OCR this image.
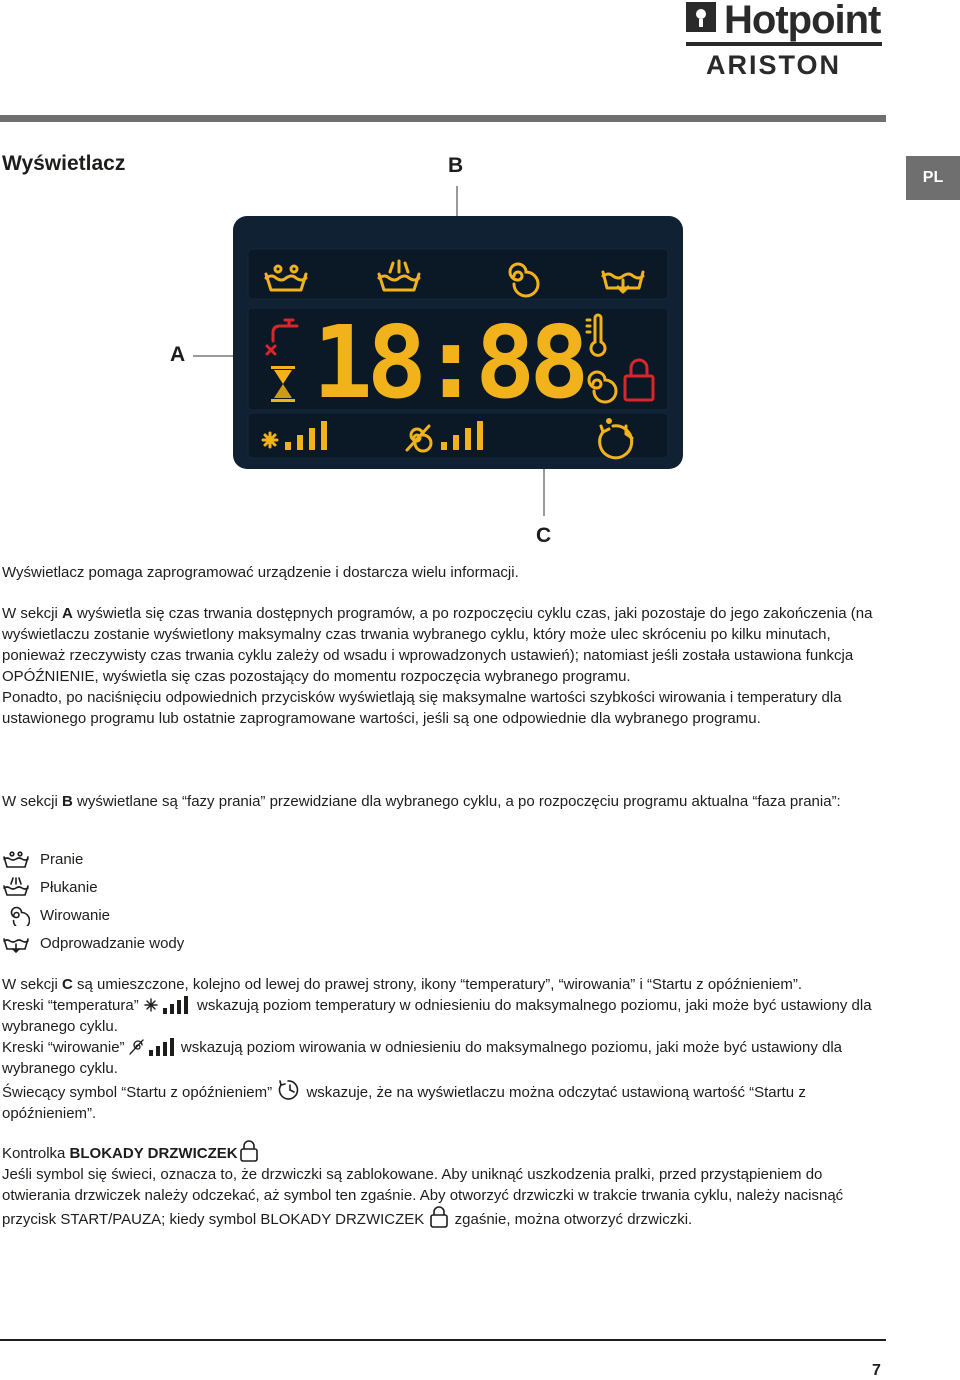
Hotpoint
ARISTON
Wyświetlacz
PL
B
A
C
18:88
Wyświetlacz pomaga zaprogramować urządzenie i dostarcza wielu informacji.
W sekcji A wyświetla się czas trwania dostępnych programów, a po rozpoczęciu cyklu czas, jaki pozostaje do jego zakończenia (na wyświetlaczu zostanie wyświetlony maksymalny czas trwania wybranego cyklu, który może ulec skróceniu po kilku minutach, ponieważ rzeczywisty czas trwania cyklu zależy od wsadu i wprowadzonych ustawień); natomiast jeśli została ustawiona funkcja OPÓŹNIENIE, wyświetla się czas pozostający do momentu rozpoczęcia wybranego programu.
Ponadto, po naciśnięciu odpowiednich przycisków wyświetlają się maksymalne wartości szybkości wirowania i temperatury dla ustawionego programu lub ostatnie zaprogramowane wartości, jeśli są one odpowiednie dla wybranego programu.
W sekcji B wyświetlane są “fazy prania” przewidziane dla wybranego cyklu, a po rozpoczęciu programu aktualna “faza prania”:
Pranie
Płukanie
Wirowanie
Odprowadzanie wody
W sekcji C są umieszczone, kolejno od lewej do prawej strony, ikony “temperatury”, “wirowania” i “Startu z opóźnieniem”.
Kreski “temperatura”	wskazują poziom temperatury w odniesieniu do maksymalnego poziomu, jaki może być ustawiony dla wybranego cyklu.
Kreski “wirowanie”	wskazują poziom wirowania w odniesieniu do maksymalnego poziomu, jaki może być ustawiony dla wybranego cyklu.
Świecący symbol “Startu z opóźnieniem”  wskazuje, że na wyświetlaczu można odczytać ustawioną wartość “Startu z opóźnieniem”.
Kontrolka BLOKADY DRZWICZEK
Jeśli symbol się świeci, oznacza to, że drzwiczki są zablokowane. Aby uniknąć uszkodzenia pralki, przed przystąpieniem do otwierania drzwiczek należy odczekać, aż symbol ten zgaśnie. Aby otworzyć drzwiczki w trakcie trwania cyklu, należy nacisnąć przycisk START/PAUZA; kiedy symbol BLOKADY DRZWICZEK  zgaśnie, można otworzyć drzwiczki.
7
